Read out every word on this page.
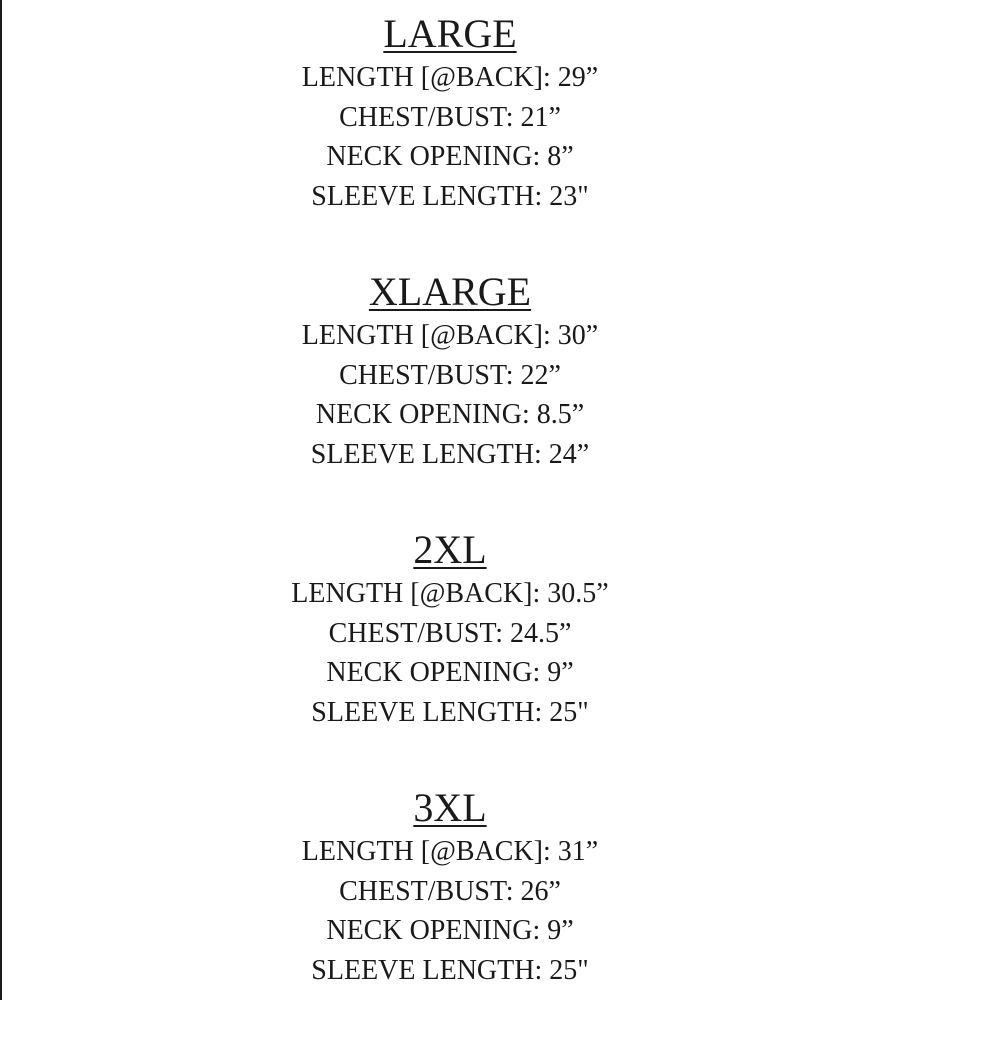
LARGE
LENGTH [@BACK]: 29”
CHEST/BUST: 21”
NECK OPENING: 8”
SLEEVE LENGTH: 23"
XLARGE
LENGTH [@BACK]: 30”
CHEST/BUST: 22”
NECK OPENING: 8.5”
SLEEVE LENGTH: 24”
2XL
LENGTH [@BACK]: 30.5”
CHEST/BUST: 24.5”
NECK OPENING: 9”
SLEEVE LENGTH: 25"
3XL
LENGTH [@BACK]: 31”
CHEST/BUST: 26”
NECK OPENING: 9”
SLEEVE LENGTH: 25"
